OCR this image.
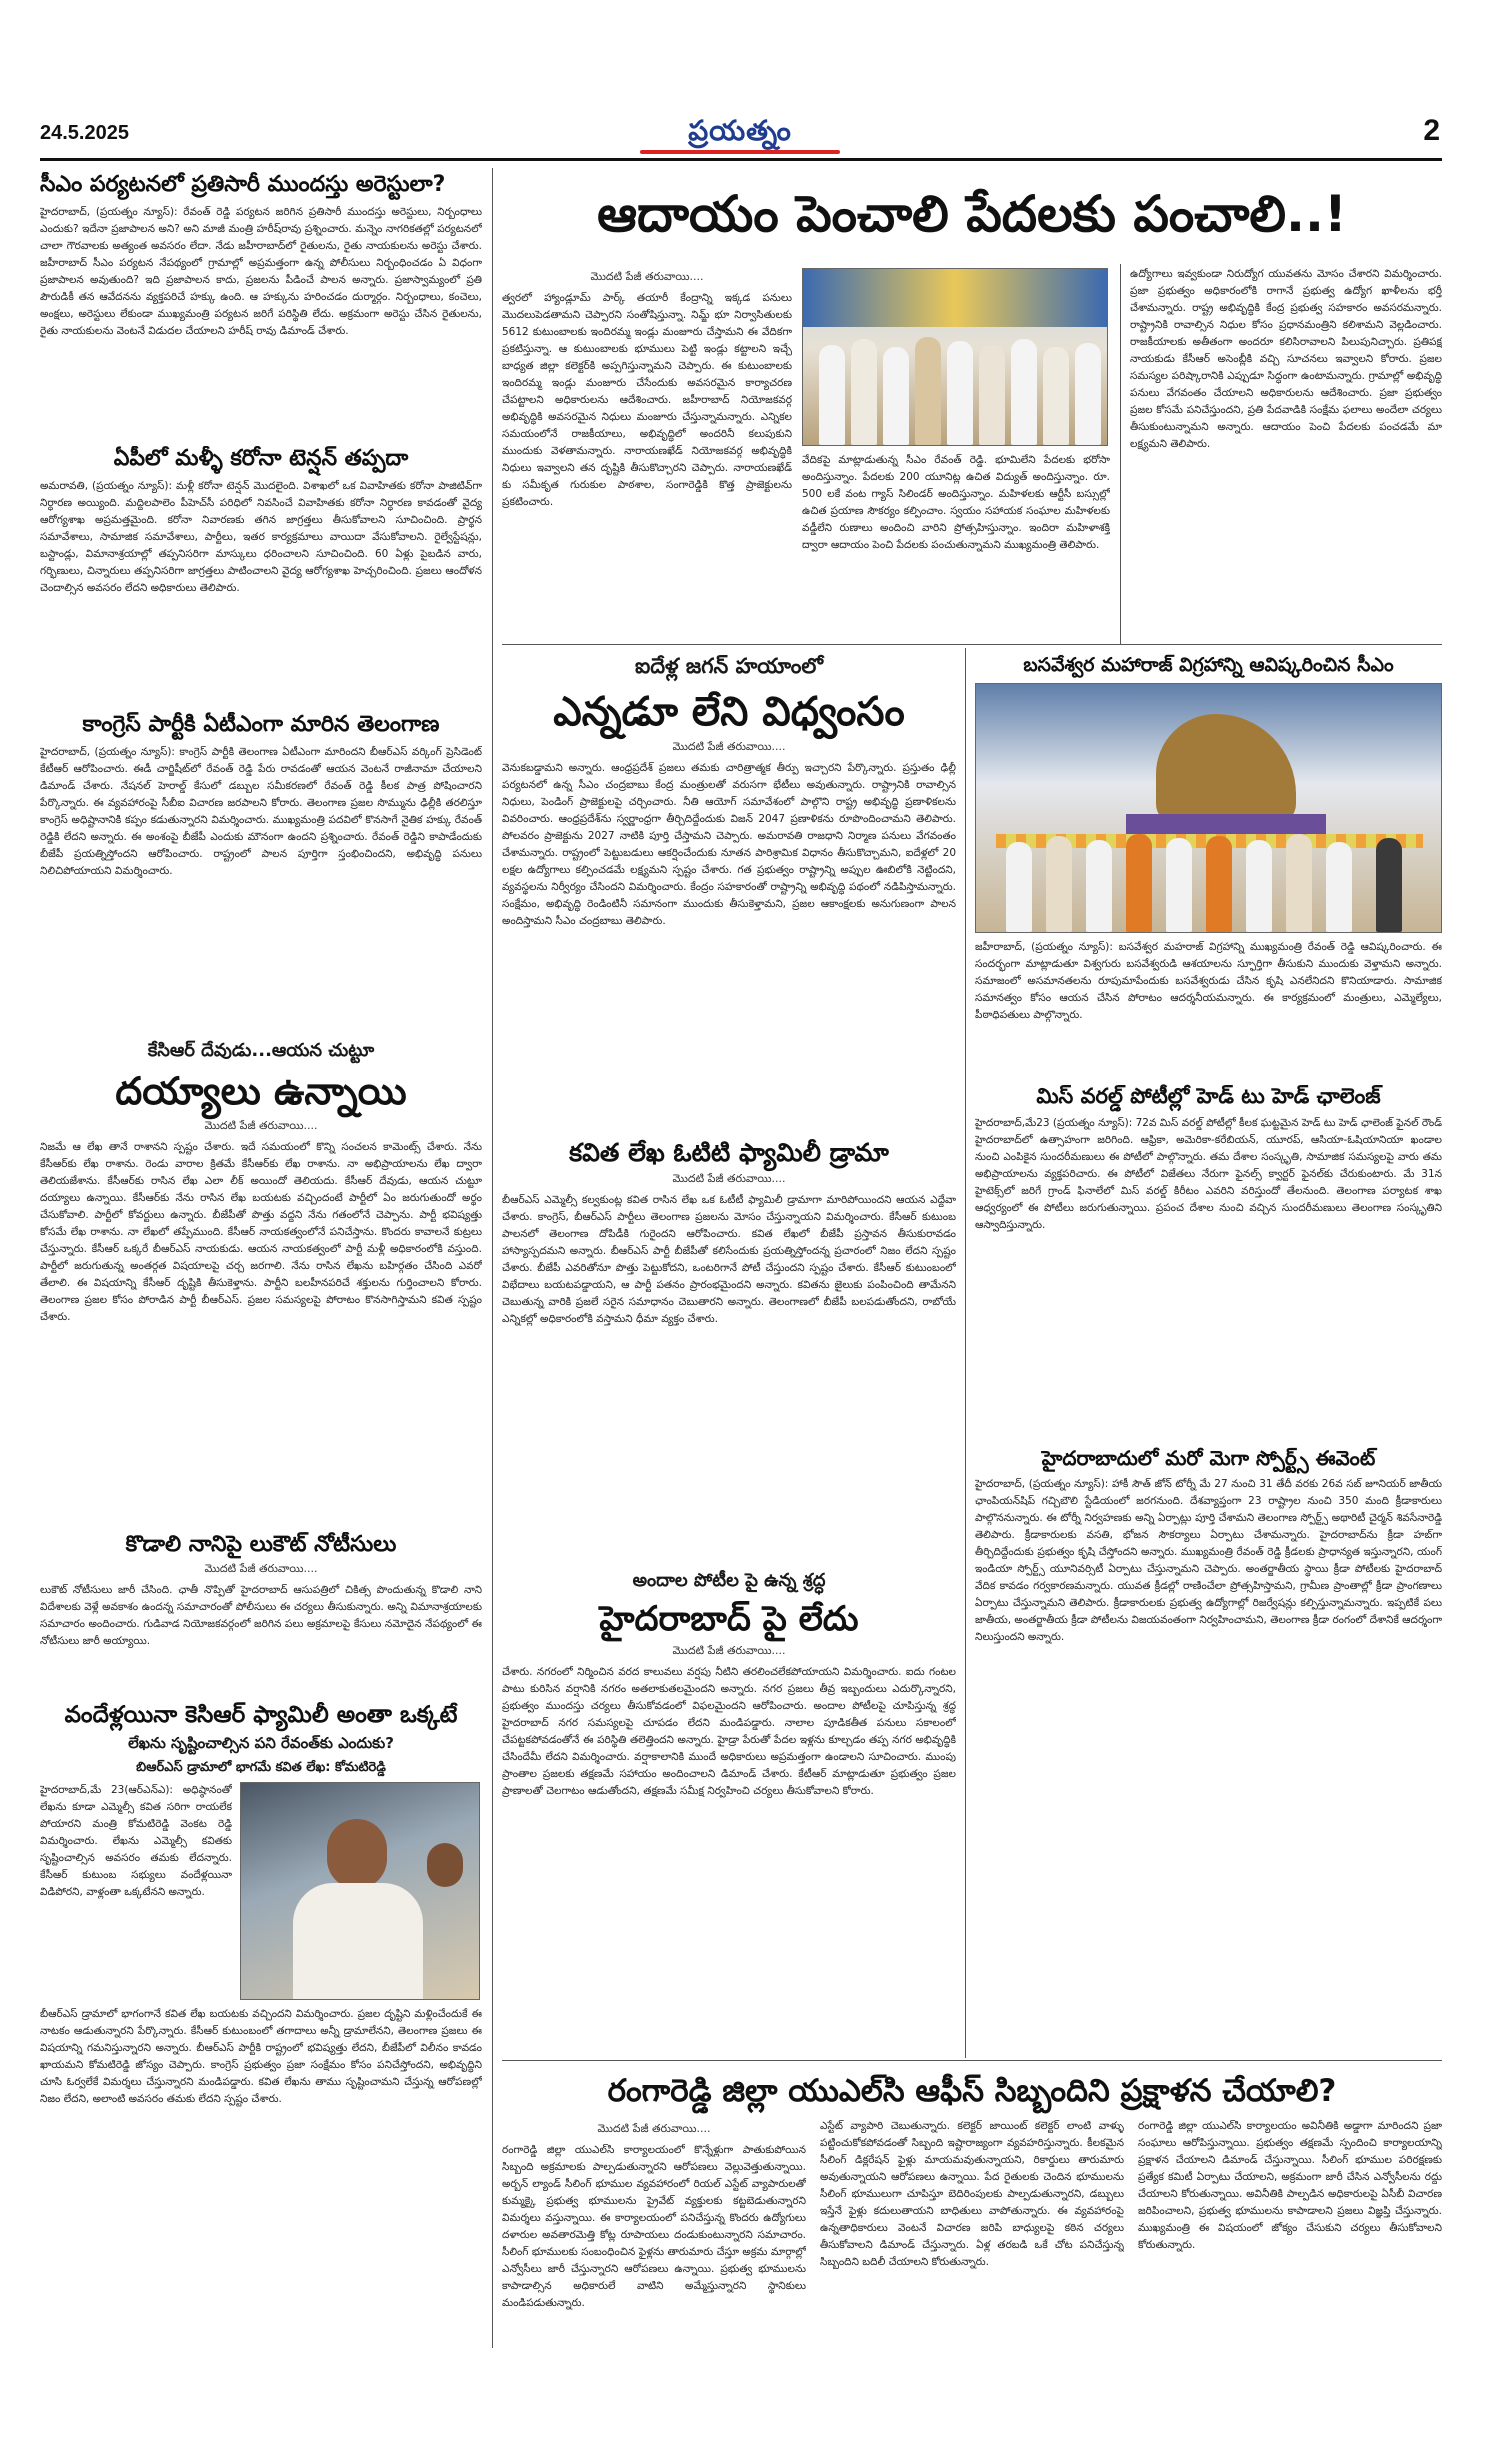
24.5.2025	ప్రయత్నం	2
సీఎం పర్యటనలో ప్రతిసారీ ముందస్తు అరెస్టులా?

హైదరాబాద్, (ప్రయత్నం న్యూస్): రేవంత్ రెడ్డి పర్యటన జరిగిన ప్రతిసారీ ముందస్తు అరెస్టులు, నిర్బంధాలు ఎందుకు? ఇదేనా ప్రజాపాలన అని? అని మాజీ మంత్రి హరీష్‌రావు ప్రశ్నించారు. మన్నెం నాగరికతల్లో పర్యటనలో చాలా గౌరవాలకు అత్యంత అవసరం లేదా. నేడు జహీరాబాద్‌లో రైతులను, రైతు నాయకులను అరెస్టు చేశారు. జహీరాబాద్ సీఎం పర్యటన నేపథ్యంలో గ్రామాల్లో అప్రమత్తంగా ఉన్న పోలీసులు నిర్బంధించడం ఏ విధంగా ప్రజాపాలన అవుతుంది? ఇది ప్రజాపాలన కాదు, ప్రజలను పీడించే పాలన అన్నారు. ప్రజాస్వామ్యంలో ప్రతి పౌరుడికీ తన ఆవేదనను వ్యక్తపరిచే హక్కు ఉంది. ఆ హక్కును హరించడం దుర్మార్గం. నిర్బంధాలు, కంచెలు, అంక్షలు, అరెస్టులు లేకుండా ముఖ్యమంత్రి పర్యటన జరిగే పరిస్థితి లేదు. అక్రమంగా అరెస్టు చేసిన రైతులను, రైతు నాయకులను వెంటనే విడుదల చేయాలని హరీష్ రావు డిమాండ్ చేశారు.

ఏపీలో మళ్ళీ కరోనా టెన్షన్ తప్పదా

అమరావతి, (ప్రయత్నం న్యూస్): మళ్లీ కరోనా టెన్షన్ మొదలైంది. విశాఖలో ఒక వివాహితకు కరోనా పాజిటివ్‌గా నిర్ధారణ అయ్యింది. మద్దిలపాలెం పీహెచ్‌సీ పరిధిలో నివసించే వివాహితకు కరోనా నిర్ధారణ కావడంతో వైద్య ఆరోగ్యశాఖ అప్రమత్తమైంది. కరోనా నివారణకు తగిన జాగ్రత్తలు తీసుకోవాలని సూచించింది. ప్రార్థన సమావేశాలు, సామాజిక సమావేశాలు, పార్టీలు, ఇతర కార్యక్రమాలు వాయిదా వేసుకోవాలని. రైల్వేస్టేషన్లు, బస్టాండ్లు, విమానాశ్రయాల్లో తప్పనిసరిగా మాస్కులు ధరించాలని సూచించింది. 60 ఏళ్లు పైబడిన వారు, గర్భిణులు, చిన్నారులు తప్పనిసరిగా జాగ్రత్తలు పాటించాలని వైద్య ఆరోగ్యశాఖ హెచ్చరించింది. ప్రజలు ఆందోళన చెందాల్సిన అవసరం లేదని అధికారులు తెలిపారు.

కాంగ్రెస్ పార్టీకి ఏటీఎంగా మారిన తెలంగాణ

హైదరాబాద్, (ప్రయత్నం న్యూస్): కాంగ్రెస్ పార్టీకి తెలంగాణ ఏటీఎంగా మారిందని బీఆర్ఎస్ వర్కింగ్ ప్రెసిడెంట్ కేటీఆర్ ఆరోపించారు. ఈడీ చార్జిషీట్‌లో రేవంత్ రెడ్డి పేరు రావడంతో ఆయన వెంటనే రాజీనామా చేయాలని డిమాండ్ చేశారు. నేషనల్ హెరాల్డ్ కేసులో డబ్బుల సమీకరణలో రేవంత్ రెడ్డి కీలక పాత్ర పోషించారని పేర్కొన్నారు. ఈ వ్యవహారంపై సీబీఐ విచారణ జరపాలని కోరారు. తెలంగాణ ప్రజల సొమ్మును ఢిల్లీకి తరలిస్తూ కాంగ్రెస్ అధిష్టానానికి కప్పం కడుతున్నారని విమర్శించారు. ముఖ్యమంత్రి పదవిలో కొనసాగే నైతిక హక్కు రేవంత్ రెడ్డికి లేదని అన్నారు. ఈ అంశంపై బీజేపీ ఎందుకు మౌనంగా ఉందని ప్రశ్నించారు. రేవంత్ రెడ్డిని కాపాడేందుకు బీజేపీ ప్రయత్నిస్తోందని ఆరోపించారు. రాష్ట్రంలో పాలన పూర్తిగా స్తంభించిందని, అభివృద్ధి పనులు నిలిచిపోయాయని విమర్శించారు.

కేసిఆర్ దేవుడు...ఆయన చుట్టూ
దయ్యాలు ఉన్నాయి
మొదటి పేజీ తరువాయి....

నిజమే ఆ లేఖ తానే రాశానని స్పష్టం చేశారు. ఇదే సమయంలో కొన్ని సంచలన కామెంట్స్ చేశారు. నేను కేసీఆర్‌కు లేఖ రాశాను. రెండు వారాల క్రితమే కేసీఆర్‌కు లేఖ రాశాను. నా అభిప్రాయాలను లేఖ ద్వారా తెలియజేశాను. కేసీఆర్‌కు రాసిన లేఖ ఎలా లీక్ అయిందో తెలియదు. కేసీఆర్ దేవుడు, ఆయన చుట్టూ దయ్యాలు ఉన్నాయి. కేసీఆర్‌కు నేను రాసిన లేఖ బయటకు వచ్చిందంటే పార్టీలో ఏం జరుగుతుందో అర్థం చేసుకోవాలి. పార్టీలో కోవర్టులు ఉన్నారు. బీజేపీతో పొత్తు వద్దని నేను గతంలోనే చెప్పాను. పార్టీ భవిష్యత్తు కోసమే లేఖ రాశాను. నా లేఖలో తప్పేముంది. కేసీఆర్ నాయకత్వంలోనే పనిచేస్తాను. కొందరు కావాలనే కుట్రలు చేస్తున్నారు. కేసీఆర్ ఒక్కరే బీఆర్ఎస్ నాయకుడు. ఆయన నాయకత్వంలో పార్టీ మళ్లీ అధికారంలోకి వస్తుంది. పార్టీలో జరుగుతున్న అంతర్గత విషయాలపై చర్చ జరగాలి. నేను రాసిన లేఖను బహిర్గతం చేసింది ఎవరో తేలాలి. ఈ విషయాన్ని కేసీఆర్ దృష్టికి తీసుకెళ్తాను. పార్టీని బలహీనపరిచే శక్తులను గుర్తించాలని కోరారు. తెలంగాణ ప్రజల కోసం పోరాడిన పార్టీ బీఆర్ఎస్. ప్రజల సమస్యలపై పోరాటం కొనసాగిస్తామని కవిత స్పష్టం చేశారు.

కొడాలి నానిపై లుకౌట్ నోటీసులు
మొదటి పేజీ తరువాయి....

లుకౌట్ నోటీసులు జారీ చేసింది. ఛాతీ నొప్పితో హైదరాబాద్ ఆసుపత్రిలో చికిత్స పొందుతున్న కొడాలి నాని విదేశాలకు వెళ్లే అవకాశం ఉందన్న సమాచారంతో పోలీసులు ఈ చర్యలు తీసుకున్నారు. అన్ని విమానాశ్రయాలకు సమాచారం అందించారు. గుడివాడ నియోజకవర్గంలో జరిగిన పలు అక్రమాలపై కేసులు నమోదైన నేపథ్యంలో ఈ నోటీసులు జారీ అయ్యాయి.

వందేళ్లయినా కెసిఆర్ ఫ్యామిలీ అంతా ఒక్కటే
లేఖను సృష్టించాల్సిన పని రేవంత్‌కు ఎందుకు?
బిఆర్ఎస్ డ్రామాలో భాగమే కవిత లేఖ: కోమటిరెడ్డి

హైదరాబాద్,మే 23(ఆర్ఎన్ఎ): అధిష్ఠానంతో లేఖను కూడా ఎమ్మెల్సీ కవిత సరిగా రాయలేక పోయారని మంత్రి కోమటిరెడ్డి వెంకట రెడ్డి విమర్శించారు. లేఖను ఎమ్మెల్సీ కవితకు సృష్టించాల్సిన అవసరం తమకు లేదన్నారు. కేసీఆర్ కుటుంబ సభ్యులు వందేళ్లయినా విడిపోరని, వాళ్లంతా ఒక్కటేనని అన్నారు.

బీఆర్ఎస్ డ్రామాలో భాగంగానే కవిత లేఖ బయటకు వచ్చిందని విమర్శించారు. ప్రజల దృష్టిని మళ్లించేందుకే ఈ నాటకం ఆడుతున్నారని పేర్కొన్నారు. కేసీఆర్ కుటుంబంలో తగాదాలు అన్నీ డ్రామాలేనని, తెలంగాణ ప్రజలు ఈ విషయాన్ని గమనిస్తున్నారని అన్నారు. బీఆర్ఎస్ పార్టీకి రాష్ట్రంలో భవిష్యత్తు లేదని, బీజేపీలో విలీనం కావడం ఖాయమని కోమటిరెడ్డి జోస్యం చెప్పారు. కాంగ్రెస్ ప్రభుత్వం ప్రజా సంక్షేమం కోసం పనిచేస్తోందని, అభివృద్ధిని చూసి ఓర్వలేకే విమర్శలు చేస్తున్నారని మండిపడ్డారు. కవిత లేఖను తాము సృష్టించామని చేస్తున్న ఆరోపణల్లో నిజం లేదని, అలాంటి అవసరం తమకు లేదని స్పష్టం చేశారు.

ఆదాయం పెంచాలి పేదలకు పంచాలి..!
మొదటి పేజీ తరువాయి....

త్వరలో హ్యాండ్లూమ్ పార్క్ త‌యారీ కేంద్రాన్ని ఇక్కడ పనులు మొదలుపెడతామని చెప్పారని సంతోషిస్తున్నా. నిమ్జ్ భూ నిర్వాసితులకు 5612 కుటుంబాలకు ఇందిరమ్మ ఇండ్లు మంజూరు చేస్తామని ఈ వేదికగా ప్రకటిస్తున్నా. ఆ కుటుంబాలకు భూములు పెట్టి ఇండ్లు కట్టాలని ఇచ్చే బాధ్యత జిల్లా కలెక్టర్‌కి అప్పగిస్తున్నామని చెప్పారు. ఈ కుటుంబాలకు ఇందిరమ్మ ఇండ్లు మంజూరు చేసేందుకు అవసరమైన కార్యాచరణ చేపట్టాలని అధికారులను ఆదేశించారు. జహీరాబాద్ నియోజకవర్గ అభివృద్ధికి అవసరమైన నిధులు మంజూరు చేస్తున్నామన్నారు. ఎన్నికల సమయంలోనే రాజకీయాలు, అభివృద్ధిలో అందరినీ కలుపుకుని ముందుకు వెళతామన్నారు. నారాయణఖేడ్ నియోజకవర్గ అభివృద్ధికి నిధులు ఇవ్వాలని తన దృష్టికి తీసుకొచ్చారని చెప్పారు. నారాయణఖేడ్ కు సమీకృత గురుకుల పాఠశాల, సంగారెడ్డికి కొత్త ప్రాజెక్టులను ప్రకటించారు.

వేదికపై మాట్లాడుతున్న సీఎం రేవంత్ రెడ్డి. భూమిలేని పేదలకు భరోసా అందిస్తున్నాం. పేదలకు 200 యూనిట్ల ఉచిత విద్యుత్ అందిస్తున్నాం. రూ. 500 లకే వంట గ్యాస్ సిలిండర్ అందిస్తున్నాం. మహిళలకు ఆర్టీసీ బస్సుల్లో ఉచిత ప్రయాణ సౌకర్యం కల్పించాం. స్వయం సహాయక సంఘాల మహిళలకు వడ్డీలేని రుణాలు అందించి వారిని ప్రోత్సహిస్తున్నాం. ఇందిరా మహిళాశక్తి ద్వారా ఆదాయం పెంచి పేదలకు పంచుతున్నామని ముఖ్యమంత్రి తెలిపారు.

ఉద్యోగాలు ఇవ్వకుండా నిరుద్యోగ యువతను మోసం చేశారని విమర్శించారు. ప్రజా ప్రభుత్వం అధికారంలోకి రాగానే ప్రభుత్వ ఉద్యోగ ఖాళీలను భర్తీ చేశామన్నారు. రాష్ట్ర అభివృద్ధికి కేంద్ర ప్రభుత్వ సహకారం అవసరమన్నారు. రాష్ట్రానికి రావాల్సిన నిధుల కోసం ప్రధానమంత్రిని కలిశామని వెల్లడించారు. రాజకీయాలకు అతీతంగా అందరూ కలిసిరావాలని పిలుపునిచ్చారు. ప్రతిపక్ష నాయకుడు కేసీఆర్ అసెంబ్లీకి వచ్చి సూచనలు ఇవ్వాలని కోరారు. ప్రజల సమస్యల పరిష్కారానికి ఎప్పుడూ సిద్ధంగా ఉంటామన్నారు. గ్రామాల్లో అభివృద్ధి పనులు వేగవంతం చేయాలని అధికారులను ఆదేశించారు. ప్రజా ప్రభుత్వం ప్రజల కోసమే పనిచేస్తుందని, ప్రతి పేదవాడికి సంక్షేమ ఫలాలు అందేలా చర్యలు తీసుకుంటున్నామని అన్నారు. ఆదాయం పెంచి పేదలకు పంచడమే మా లక్ష్యమని తెలిపారు.

ఐదేళ్ల జగన్ హయాంలో
ఎన్నడూ లేని విధ్వంసం
మొదటి పేజీ తరువాయి....

వెనుకబడ్డామని అన్నారు. ఆంధ్రప్రదేశ్ ప్రజలు తమకు చారిత్రాత్మక తీర్పు ఇచ్చారని పేర్కొన్నారు. ప్రస్తుతం ఢిల్లీ పర్యటనలో ఉన్న సీఎం చంద్రబాబు కేంద్ర మంత్రులతో వరుసగా భేటీలు అవుతున్నారు. రాష్ట్రానికి రావాల్సిన నిధులు, పెండింగ్ ప్రాజెక్టులపై చర్చించారు. నీతి ఆయోగ్ సమావేశంలో పాల్గొని రాష్ట్ర అభివృద్ధి ప్రణాళికలను వివరించారు. ఆంధ్రప్రదేశ్‌ను స్వర్ణాంధ్రగా తీర్చిదిద్దేందుకు విజన్ 2047 ప్రణాళికను రూపొందించామని తెలిపారు. పోలవరం ప్రాజెక్టును 2027 నాటికి పూర్తి చేస్తామని చెప్పారు. అమరావతి రాజధాని నిర్మాణ పనులు వేగవంతం చేశామన్నారు. రాష్ట్రంలో పెట్టుబడులు ఆకర్షించేందుకు నూతన పారిశ్రామిక విధానం తీసుకొచ్చామని, ఐదేళ్లలో 20 లక్షల ఉద్యోగాలు కల్పించడమే లక్ష్యమని స్పష్టం చేశారు. గత ప్రభుత్వం రాష్ట్రాన్ని అప్పుల ఊబిలోకి నెట్టిందని, వ్యవస్థలను నిర్వీర్యం చేసిందని విమర్శించారు. కేంద్రం సహకారంతో రాష్ట్రాన్ని అభివృద్ధి పథంలో నడిపిస్తామన్నారు. సంక్షేమం, అభివృద్ధి రెండింటినీ సమానంగా ముందుకు తీసుకెళ్తామని, ప్రజల ఆకాంక్షలకు అనుగుణంగా పాలన అందిస్తామని సీఎం చంద్రబాబు తెలిపారు.

కవిత లేఖ ఓటిటి ఫ్యామిలీ డ్రామా
మొదటి పేజీ తరువాయి....

బీఆర్ఎస్ ఎమ్మెల్సీ కల్వకుంట్ల కవిత రాసిన లేఖ ఒక ఓటీటీ ఫ్యామిలీ డ్రామాగా మారిపోయిందని ఆయన ఎద్దేవా చేశారు. కాంగ్రెస్, బీఆర్ఎస్ పార్టీలు తెలంగాణ ప్రజలను మోసం చేస్తున్నాయని విమర్శించారు. కేసీఆర్ కుటుంబ పాలనలో తెలంగాణ దోపిడీకి గురైందని ఆరోపించారు. కవిత లేఖలో బీజేపీ ప్రస్తావన తీసుకురావడం హాస్యాస్పదమని అన్నారు. బీఆర్ఎస్ పార్టీ బీజేపీతో కలిసేందుకు ప్రయత్నిస్తోందన్న ప్రచారంలో నిజం లేదని స్పష్టం చేశారు. బీజేపీ ఎవరితోనూ పొత్తు పెట్టుకోదని, ఒంటరిగానే పోటీ చేస్తుందని స్పష్టం చేశారు. కేసీఆర్ కుటుంబంలో విభేదాలు బయటపడ్డాయని, ఆ పార్టీ పతనం ప్రారంభమైందని అన్నారు. కవితను జైలుకు పంపించింది తామేనని చెబుతున్న వారికి ప్రజలే సరైన సమాధానం చెబుతారని అన్నారు. తెలంగాణలో బీజేపీ బలపడుతోందని, రాబోయే ఎన్నికల్లో అధికారంలోకి వస్తామని ధీమా వ్యక్తం చేశారు.

అందాల పోటీల పై ఉన్న శ్రద్ధ
హైదరాబాద్ పై లేదు
మొదటి పేజీ తరువాయి....

చేశారు. నగరంలో నిర్మించిన వరద కాలువలు వర్షపు నీటిని తరలించలేకపోయాయని విమర్శించారు. ఐదు గంటల పాటు కురిసిన వర్షానికి నగరం అతలాకుతలమైందని అన్నారు. నగర ప్రజలు తీవ్ర ఇబ్బందులు ఎదుర్కొన్నారని, ప్రభుత్వం ముందస్తు చర్యలు తీసుకోవడంలో విఫలమైందని ఆరోపించారు. అందాల పోటీలపై చూపిస్తున్న శ్రద్ధ హైదరాబాద్ నగర సమస్యలపై చూపడం లేదని మండిపడ్డారు. నాలాల పూడికతీత పనులు సకాలంలో చేపట్టకపోవడంతోనే ఈ పరిస్థితి తలెత్తిందని అన్నారు. హైడ్రా పేరుతో పేదల ఇళ్లను కూల్చడం తప్ప నగర అభివృద్ధికి చేసిందేమీ లేదని విమర్శించారు. వర్షాకాలానికి ముందే అధికారులు అప్రమత్తంగా ఉండాలని సూచించారు. ముంపు ప్రాంతాల ప్రజలకు తక్షణమే సహాయం అందించాలని డిమాండ్ చేశారు. కేటీఆర్ మాట్లాడుతూ ప్రభుత్వం ప్రజల ప్రాణాలతో చెలగాటం ఆడుతోందని, తక్షణమే సమీక్ష నిర్వహించి చర్యలు తీసుకోవాలని కోరారు.

బసవేశ్వర మహారాజ్ విగ్రహాన్ని ఆవిష్కరించిన సీఎం

జహీరాబాద్, (ప్రయత్నం న్యూస్): బసవేశ్వర మహరాజ్ విగ్రహాన్ని ముఖ్యమంత్రి రేవంత్ రెడ్డి ఆవిష్కరించారు. ఈ సందర్భంగా మాట్లాడుతూ విశ్వగురు బసవేశ్వరుడి ఆశయాలను స్ఫూర్తిగా తీసుకుని ముందుకు వెళ్తామని అన్నారు. సమాజంలో అసమానతలను రూపుమాపేందుకు బసవేశ్వరుడు చేసిన కృషి ఎనలేనిదని కొనియాడారు. సామాజిక సమానత్వం కోసం ఆయన చేసిన పోరాటం ఆదర్శనీయమన్నారు. ఈ కార్యక్రమంలో మంత్రులు, ఎమ్మెల్యేలు, పీఠాధిపతులు పాల్గొన్నారు.

మిస్ వరల్డ్ పోటీల్లో హెడ్ టు హెడ్ ఛాలెంజ్

హైదరాబాద్,మే23 (ప్రయత్నం న్యూస్): 72వ మిస్ వరల్డ్ పోటీల్లో కీలక ఘట్టమైన హెడ్ టు హెడ్ ఛాలెంజ్ ఫైనల్ రౌండ్ హైదరాబాద్‌లో ఉత్సాహంగా జరిగింది. ఆఫ్రికా, అమెరికా-కరేబియన్, యూరప్, ఆసియా-ఓషియానియా ఖండాల నుంచి ఎంపికైన సుందరీమణులు ఈ పోటీలో పాల్గొన్నారు. తమ దేశాల సంస్కృతి, సామాజిక సమస్యలపై వారు తమ అభిప్రాయాలను వ్యక్తపరిచారు. ఈ పోటీలో విజేతలు నేరుగా ఫైనల్స్ క్వార్టర్ ఫైనల్‌కు చేరుకుంటారు. మే 31న హైటెక్స్‌లో జరిగే గ్రాండ్ ఫినాలేలో మిస్ వరల్డ్ కిరీటం ఎవరిని వరిస్తుందో తేలనుంది. తెలంగాణ పర్యాటక శాఖ ఆధ్వర్యంలో ఈ పోటీలు జరుగుతున్నాయి. ప్రపంచ దేశాల నుంచి వచ్చిన సుందరీమణులు తెలంగాణ సంస్కృతిని ఆస్వాదిస్తున్నారు.

హైదరాబాదులో మరో మెగా స్పోర్ట్స్ ఈవెంట్

హైదరాబాద్, (ప్రయత్నం న్యూస్): హాకీ సౌత్ జోన్ టోర్నీ మే 27 నుంచి 31 తేదీ వరకు 26వ సబ్ జూనియర్ జాతీయ ఛాంపియన్‌షిప్ గచ్చిబౌలి స్టేడియంలో జరగనుంది. దేశవ్యాప్తంగా 23 రాష్ట్రాల నుంచి 350 మంది క్రీడాకారులు పాల్గొననున్నారు. ఈ టోర్నీ నిర్వహణకు అన్ని ఏర్పాట్లు పూర్తి చేశామని తెలంగాణ స్పోర్ట్స్ అథారిటీ చైర్మన్ శివసేనారెడ్డి తెలిపారు. క్రీడాకారులకు వసతి, భోజన సౌకర్యాలు ఏర్పాటు చేశామన్నారు. హైదరాబాద్‌ను క్రీడా హబ్‌గా తీర్చిదిద్దేందుకు ప్రభుత్వం కృషి చేస్తోందని అన్నారు. ముఖ్యమంత్రి రేవంత్ రెడ్డి క్రీడలకు ప్రాధాన్యత ఇస్తున్నారని, యంగ్ ఇండియా స్పోర్ట్స్ యూనివర్సిటీ ఏర్పాటు చేస్తున్నామని చెప్పారు. అంతర్జాతీయ స్థాయి క్రీడా పోటీలకు హైదరాబాద్ వేదిక కావడం గర్వకారణమన్నారు. యువత క్రీడల్లో రాణించేలా ప్రోత్సహిస్తామని, గ్రామీణ ప్రాంతాల్లో క్రీడా ప్రాంగణాలు ఏర్పాటు చేస్తున్నామని తెలిపారు. క్రీడాకారులకు ప్రభుత్వ ఉద్యోగాల్లో రిజర్వేషన్లు కల్పిస్తున్నామన్నారు. ఇప్పటికే పలు జాతీయ, అంతర్జాతీయ క్రీడా పోటీలను విజయవంతంగా నిర్వహించామని, తెలంగాణ క్రీడా రంగంలో దేశానికే ఆదర్శంగా నిలుస్తుందని అన్నారు.

రంగారెడ్డి జిల్లా యుఎల్‌సి ఆఫీస్ సిబ్బందిని ప్రక్షాళన చేయాలి?
మొదటి పేజీ తరువాయి....

రంగారెడ్డి జిల్లా యుఎల్‌సి కార్యాలయంలో కొన్నేళ్లుగా పాతుకుపోయిన సిబ్బంది అక్రమాలకు పాల్పడుతున్నారని ఆరోపణలు వెల్లువెత్తుతున్నాయి. అర్బన్ ల్యాండ్ సీలింగ్ భూముల వ్యవహారంలో రియల్ ఎస్టేట్ వ్యాపారులతో కుమ్మక్కై ప్రభుత్వ భూములను ప్రైవేట్ వ్యక్తులకు కట్టబెడుతున్నారని విమర్శలు వస్తున్నాయి. ఈ కార్యాలయంలో పనిచేస్తున్న కొందరు ఉద్యోగులు దళారుల అవతారమెత్తి కోట్ల రూపాయలు దండుకుంటున్నారని సమాచారం. సీలింగ్ భూములకు సంబంధించిన ఫైళ్లను తారుమారు చేస్తూ అక్రమ మార్గాల్లో ఎన్వోసీలు జారీ చేస్తున్నారని ఆరోపణలు ఉన్నాయి. ప్రభుత్వ భూములను కాపాడాల్సిన అధికారులే వాటిని అమ్మేస్తున్నారని స్థానికులు మండిపడుతున్నారు.

ఎస్టేట్ వ్యాపారి చెబుతున్నారు. కలెక్టర్ జాయింట్ కలెక్టర్ లాంటి వాళ్ళు పట్టించుకోకపోవడంతో సిబ్బంది ఇష్టారాజ్యంగా వ్యవహరిస్తున్నారు. కీలకమైన సీలింగ్ డిక్లరేషన్ ఫైళ్లు మాయమవుతున్నాయని, రికార్డులు తారుమారు అవుతున్నాయని ఆరోపణలు ఉన్నాయి. పేద రైతులకు చెందిన భూములను సీలింగ్ భూములుగా చూపిస్తూ బెదిరింపులకు పాల్పడుతున్నారని, డబ్బులు ఇస్తేనే ఫైళ్లు కదులుతాయని బాధితులు వాపోతున్నారు. ఈ వ్యవహారంపై ఉన్నతాధికారులు వెంటనే విచారణ జరిపి బాధ్యులపై కఠిన చర్యలు తీసుకోవాలని డిమాండ్ చేస్తున్నారు. ఏళ్ల తరబడి ఒకే చోట పనిచేస్తున్న సిబ్బందిని బదిలీ చేయాలని కోరుతున్నారు.

రంగారెడ్డి జిల్లా యుఎల్‌సి కార్యాలయం అవినీతికి అడ్డాగా మారిందని ప్రజా సంఘాలు ఆరోపిస్తున్నాయి. ప్రభుత్వం తక్షణమే స్పందించి కార్యాలయాన్ని ప్రక్షాళన చేయాలని డిమాండ్ చేస్తున్నాయి. సీలింగ్ భూముల పరిరక్షణకు ప్రత్యేక కమిటీ ఏర్పాటు చేయాలని, అక్రమంగా జారీ చేసిన ఎన్వోసీలను రద్దు చేయాలని కోరుతున్నాయి. అవినీతికి పాల్పడిన అధికారులపై ఏసీబీ విచారణ జరిపించాలని, ప్రభుత్వ భూములను కాపాడాలని ప్రజలు విజ్ఞప్తి చేస్తున్నారు. ముఖ్యమంత్రి ఈ విషయంలో జోక్యం చేసుకుని చర్యలు తీసుకోవాలని కోరుతున్నారు.
